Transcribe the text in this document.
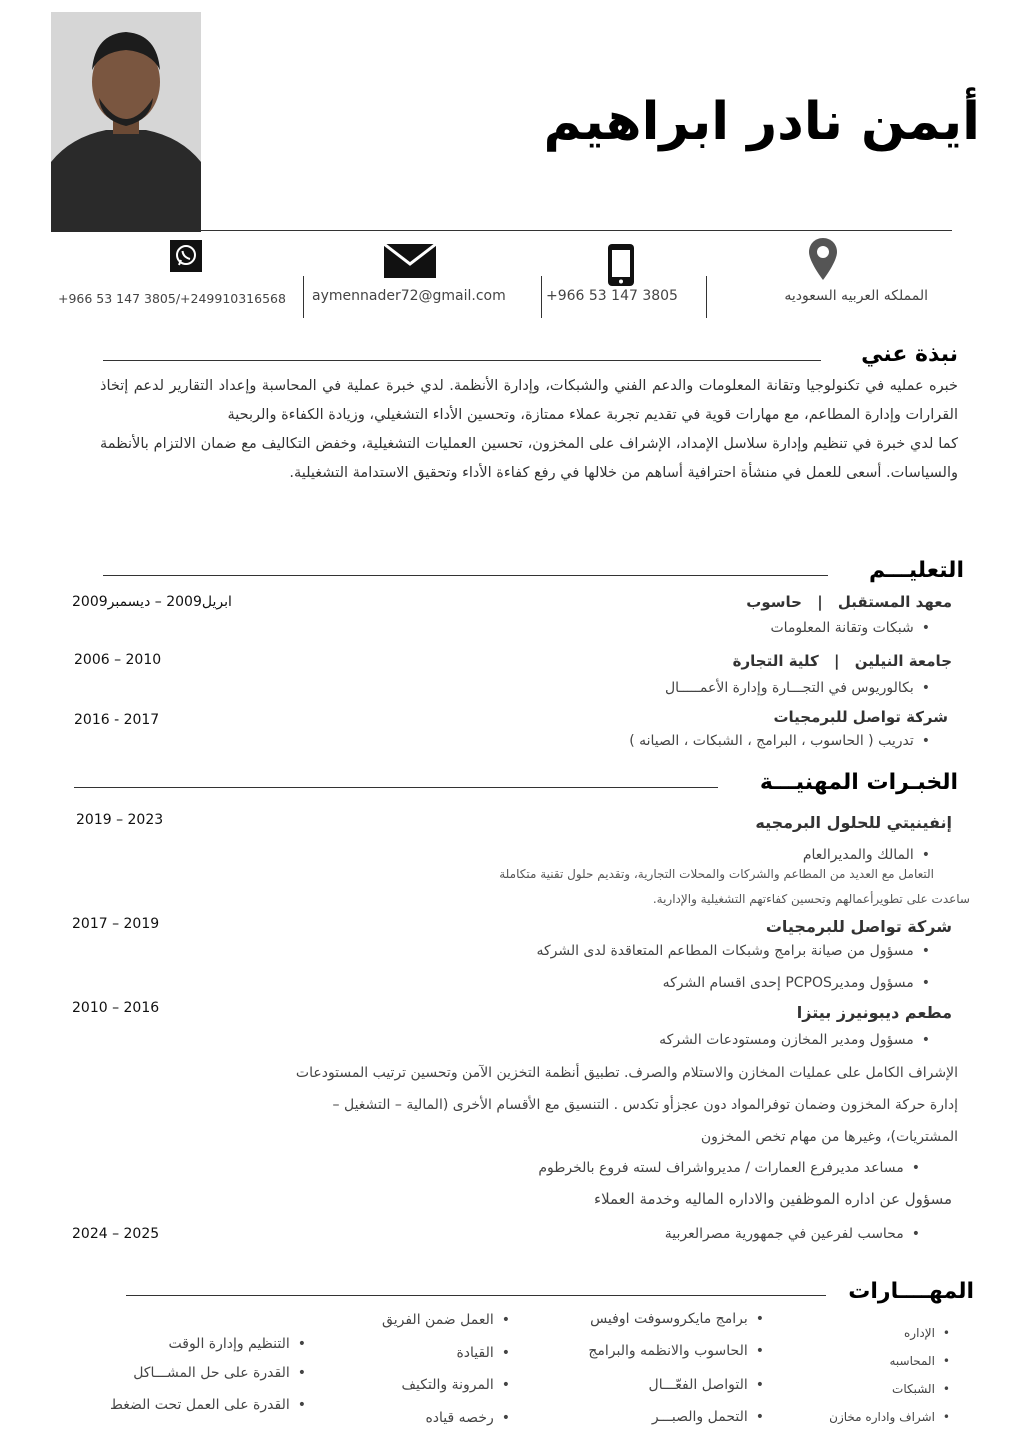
أيمن نادر ابراهيم
المملكه العربيه السعوديه
+966 53 147 3805
aymennader72@gmail.com
+966 53 147 3805/+249910316568
نبذة عني
خبره عمليه في تكنولوجيا وتقانة المعلومات والدعم الفني والشبكات، وإدارة الأنظمة. لدي خبرة عملية في المحاسبة وإعداد التقارير لدعم إتخاذ القرارات وإدارة المطاعم، مع مهارات قوية في تقديم تجربة عملاء ممتازة، وتحسين الأداء التشغيلي، وزيادة الكفاءة والربحية
كما لدي خبرة في تنظيم وإدارة سلاسل الإمداد، الإشراف على المخزون، تحسين العمليات التشغيلية، وخفض التكاليف مع ضمان الالتزام بالأنظمة والسياسات. أسعى للعمل في منشأة احترافية أساهم من خلالها في رفع كفاءة الأداء وتحقيق الاستدامة التشغيلية.
التعليـــم
معهد المستقبل | حاسوب
ابريل2009 – ديسمبر2009
• شبكات وتقانة المعلومات
جامعة النيلين | كلية التجارة
2006 – 2010
• بكالوريوس في التجـــارة وإدارة الأعمـــــال
شركة تواصل للبرمجيات
2016 - 2017
• تدريب ( الحاسوب ، البرامج ، الشبكات ، الصيانه )
الخبـرات المهنيـــة
إنفينيتي للحلول البرمجيه
2019 – 2023
• المالك والمديرالعام
التعامل مع العديد من المطاعم والشركات والمحلات التجارية، وتقديم حلول تقنية متكاملة
ساعدت على تطويرأعمالهم وتحسين كفاءتهم التشغيلية والإدارية.
شركة تواصل للبرمجيات
2017 – 2019
• مسؤول من صيانة برامج وشبكات المطاعم المتعاقدة لدى الشركه
• مسؤول ومديرPCPOS إحدى اقسام الشركه
مطعم ديبونيرز بيتزا
2010 – 2016
• مسؤول ومدير المخازن ومستودعات الشركه
الإشراف الكامل على عمليات المخازن والاستلام والصرف. تطبيق أنظمة التخزين الآمن وتحسين ترتيب المستودعات
إدارة حركة المخزون وضمان توفرالمواد دون عجزأو تكدس . التنسيق مع الأقسام الأخرى (المالية – التشغيل –
المشتريات)، وغيرها من مهام تخص المخزون
• مساعد مديرفرع العمارات / مديرواشراف لسته فروع بالخرطوم
مسؤول عن اداره الموظفين والاداره الماليه وخدمة العملاء
2024 – 2025
•	محاسب لفرعين في جمهورية مصرالعربية
المهــــارات
• الإداره
• المحاسبه
• الشبكات
• اشراف واداره مخازن
• برامج مايكروسوفت اوفيس
• الحاسوب والانظمه والبرامج
• التواصل الفعّـــال
• التحمل والصبـــر
• العمل ضمن الفريق
• القيادة
• المرونة والتكيف
• رخصه قياده
• التنظيم وإدارة الوقت
• القدرة على حل المشـــاكل
• القدرة على العمل تحت الضغط
